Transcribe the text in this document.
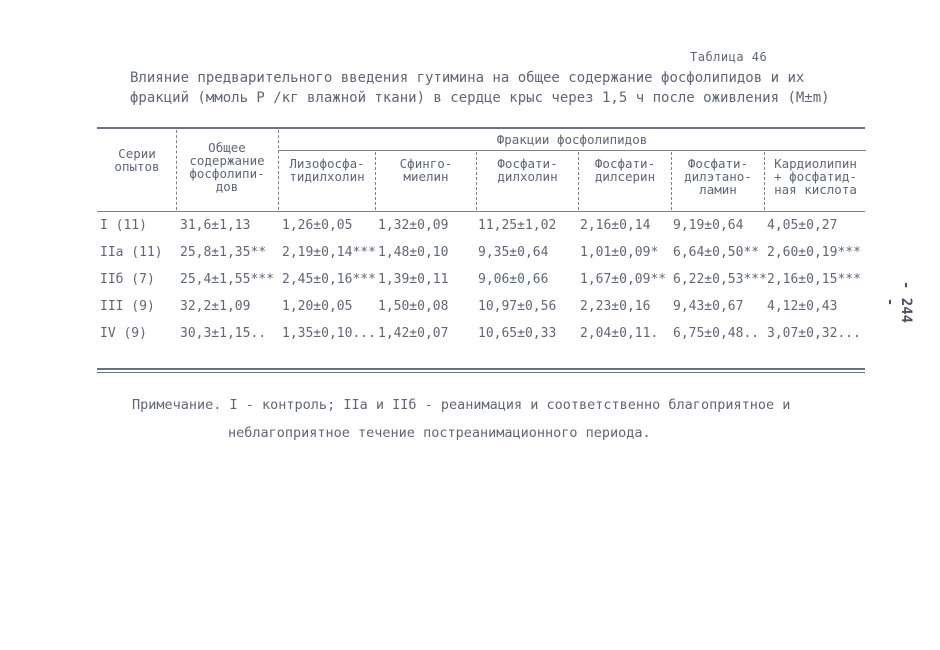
Таблица 46
Влияние предварительного введения гутимина на общее содержание фосфолипидов и их
фракций (ммоль Р /кг влажной ткани) в сердце крыс через 1,5 ч после оживления (М±m)
Серии
опытов
Общее
содержание
фосфолипи-
дов
Фракции фосфолипидов
Лизофосфа-
тидилхолин
Сфинго-
миелин
Фосфати-
дилхолин
Фосфати-
дилсерин
Фосфати-
дилэтано-
ламин
Кардиолипин
+ фосфатид-
ная кислота
I (11)	31,6±1,13 1,26±0,05 1,32±0,09 11,25±1,02 2,16±0,14 9,19±0,64 4,05±0,27
IIa (11) 25,8±1,35** 2,19±0,14*** 1,48±0,10 9,35±0,64 1,01±0,09* 6,64±0,50** 2,60±0,19***
IIб (7) 25,4±1,55*** 2,45±0,16*** 1,39±0,11 9,06±0,66 1,67±0,09** 6,22±0,53*** 2,16±0,15***
III (9) 32,2±1,09 1,20±0,05 1,50±0,08 10,97±0,56 2,23±0,16 9,43±0,67 4,12±0,43
IV (9)	30,3±1,15.. 1,35±0,10... 1,42±0,07 10,65±0,33 2,04±0,11. 6,75±0,48.. 3,07±0,32...
Примечание. I - контроль; IIa и IIб - реанимация и соответственно благоприятное и
неблагоприятное течение постреанимационного периода.
- 244 -
